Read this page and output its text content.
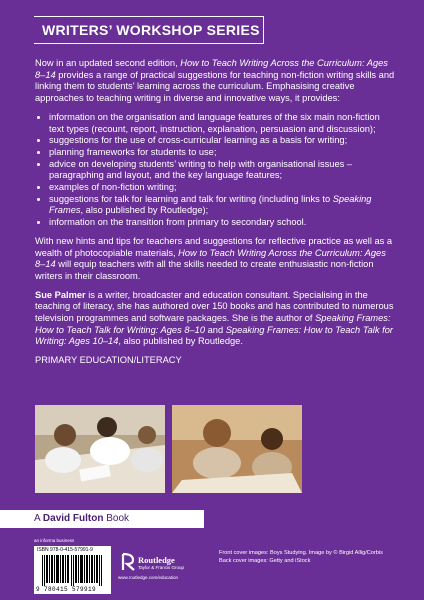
WRITERS’ WORKSHOP SERIES

Now in an updated second edition, How to Teach Writing Across the Curriculum: Ages 8–14 provides a range of practical suggestions for teaching non-fiction writing skills and linking them to students’ learning across the curriculum. Emphasising creative approaches to teaching writing in diverse and innovative ways, it provides:

• information on the organisation and language features of the six main non-fiction text types (recount, report, instruction, explanation, persuasion and discussion);
• suggestions for the use of cross-curricular learning as a basis for writing;
• planning frameworks for students to use;
• advice on developing students’ writing to help with organisational issues – paragraphing and layout, and the key language features;
• examples of non-fiction writing;
• suggestions for talk for learning and talk for writing (including links to Speaking Frames, also published by Routledge);
• information on the transition from primary to secondary school.

With new hints and tips for teachers and suggestions for reflective practice as well as a wealth of photocopiable materials, How to Teach Writing Across the Curriculum: Ages 8–14 will equip teachers with all the skills needed to create enthusiastic non-fiction writers in their classroom.

Sue Palmer is a writer, broadcaster and education consultant. Specialising in the teaching of literacy, she has authored over 150 books and has contributed to numerous television programmes and software packages. She is the author of Speaking Frames: How to Teach Talk for Writing: Ages 8–10 and Speaking Frames: How to Teach Talk for Writing: Ages 10–14, also published by Routledge.

PRIMARY EDUCATION/LITERACY

A David Fulton Book
an informa business
ISBN 978-0-415-57991-9
9 780415 579919
Routledge
Taylor & Francis Group
www.routledge.com/education
Front cover images: Boys Studying. Image by © Birgid Allig/Corbis
Back cover images: Getty and iStock
